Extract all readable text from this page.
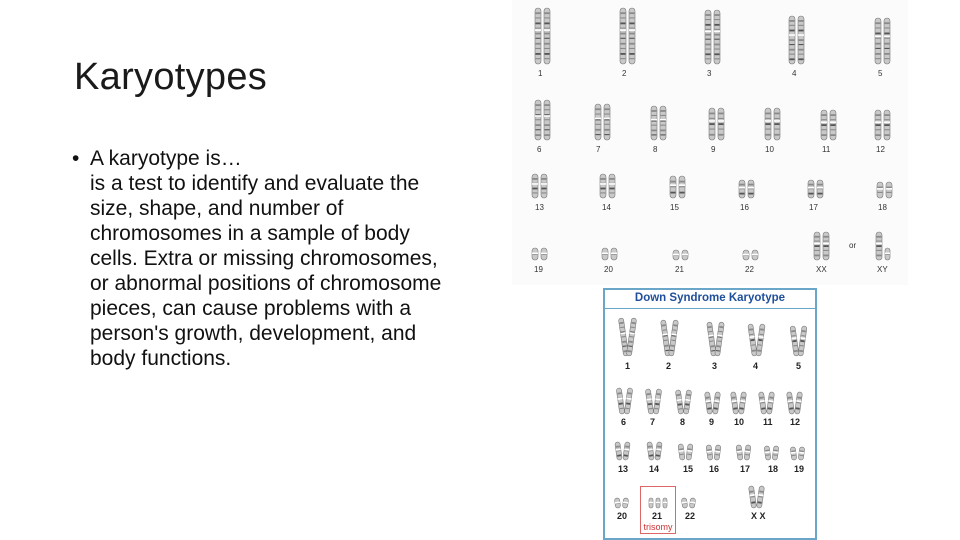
Karyotypes
• A karyotype is…
is a test to identify and evaluate the size, shape, and number of chromosomes in a sample of body cells. Extra or missing chromosomes, or abnormal positions of chromosome pieces, can cause problems with a person's growth, development, and body functions.
1	2	3	4	5
6	7	8	9	10	11	12
13	14	15	16	17	18
19	20	21	22	XX
or
XY
Down Syndrome Karyotype
1	2	3	4	5
6	7	8	9 10 11 12
13 14	15 16 17 18 19
20	21	22	X X
trisomy
